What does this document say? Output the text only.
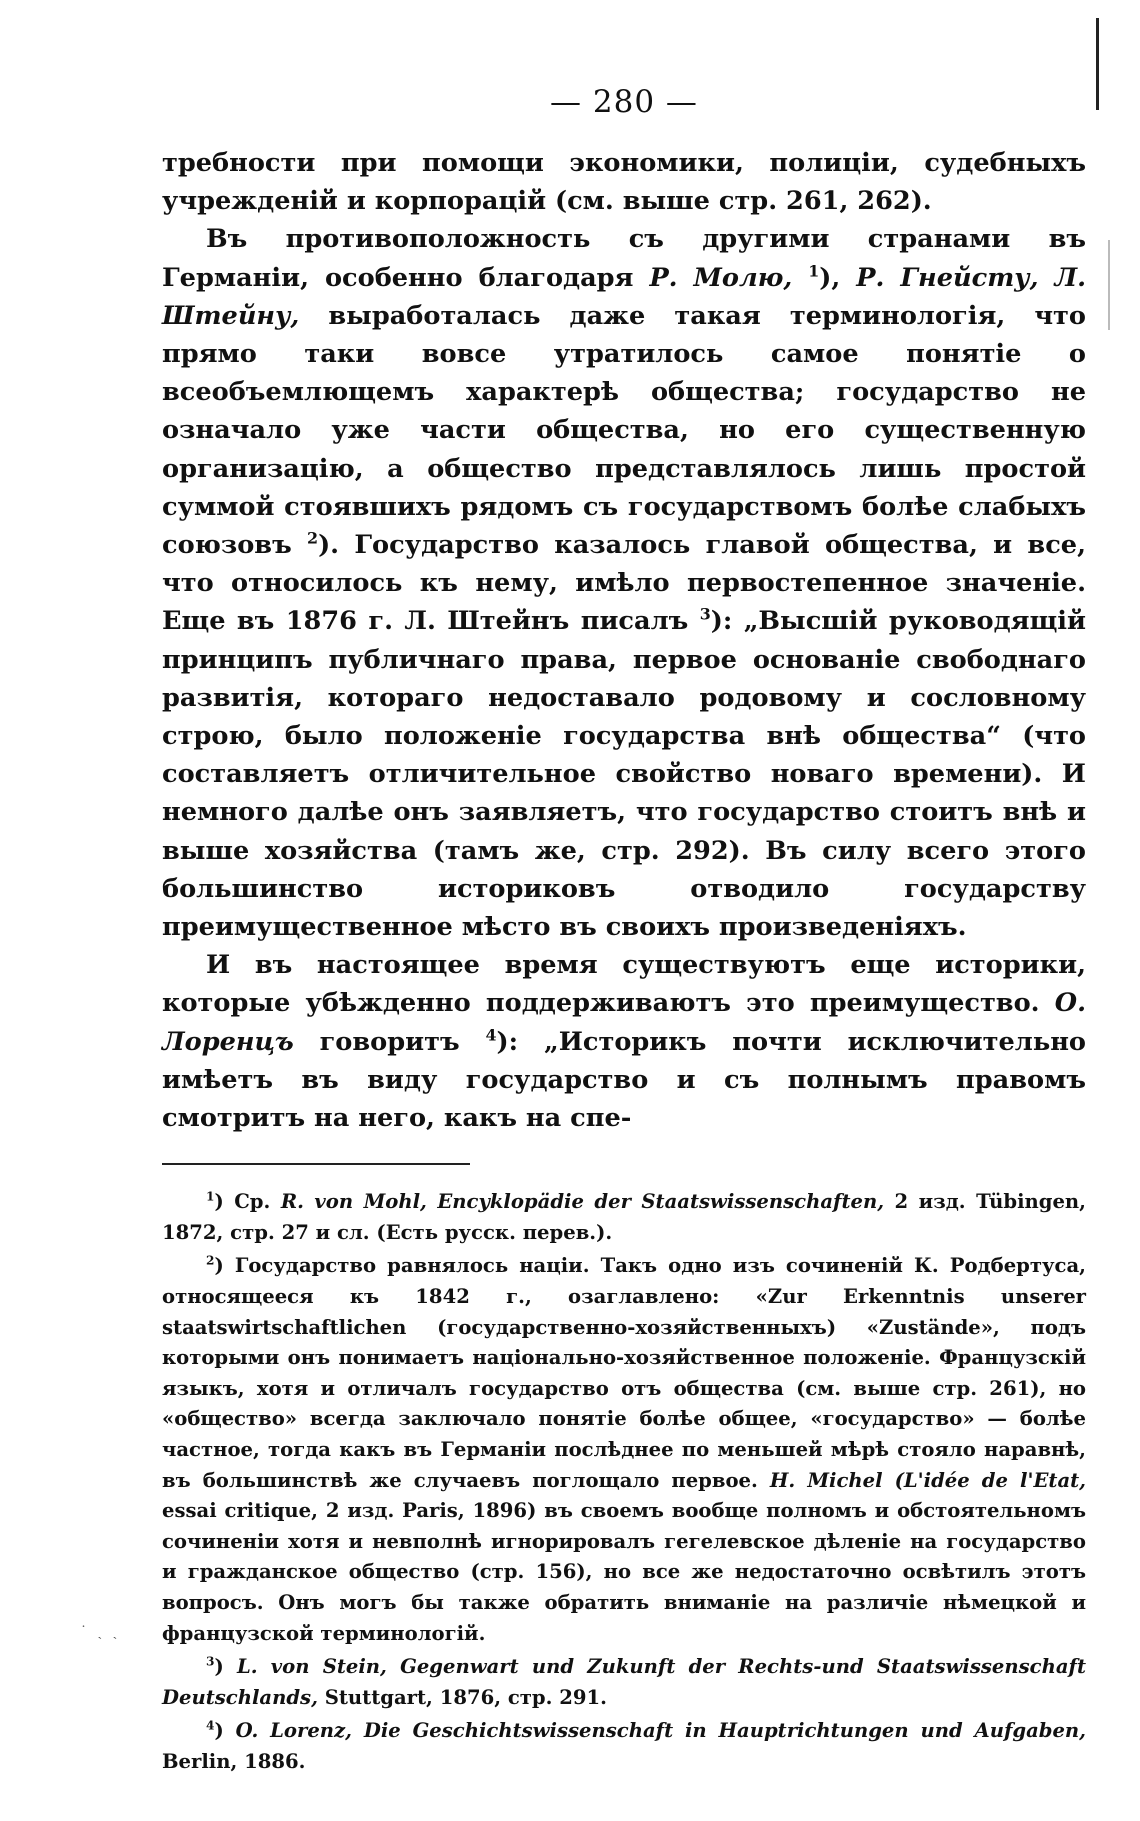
— 280 —

требности при помощи экономики, полиціи, судебныхъ учрежденій и корпорацій (см. выше стр. 261, 262).

Въ противоположность съ другими странами въ Германіи, особенно благодаря Р. Молю, $^1$), Р. Гнейсту, Л. Штейну, выработалась даже такая терминологія, что прямо таки вовсе утратилось самое понятіе о всеобъемлющемъ характерѣ общества; государство не означало уже части общества, но его существенную организацію, а общество представлялось лишь простой суммой стоявшихъ рядомъ съ государствомъ болѣе слабыхъ союзовъ $^2$). Государство казалось главой общества, и все, что относилось къ нему, имѣло первостепенное значеніе. Еще въ 1876 г. Л. Штейнъ писалъ $^3$): „Высшій руководящій принципъ публичнаго права, первое основаніе свободнаго развитія, котораго недоставало родовому и сословному строю, было положеніе государства внѣ общества“ (что составляетъ отличительное свойство новаго времени). И немного далѣе онъ заявляетъ, что государство стоитъ внѣ и выше хозяйства (тамъ же, стр. 292). Въ силу всего этого большинство историковъ отводило государству преимущественное мѣсто въ своихъ произведеніяхъ.

И въ настоящее время существуютъ еще историки, которые убѣжденно поддерживаютъ это преимущество. О. Лоренцъ говоритъ $^4$): „Историкъ почти исключительно имѣетъ въ виду государство и съ полнымъ правомъ смотритъ на него, какъ на спе-

$^1$) Ср. R. von Mohl, Encyklopädie der Staatswissenschaften, 2 изд. Tübingen, 1872, стр. 27 и сл. (Есть русск. перев.).

$^2$) Государство равнялось націи. Такъ одно изъ сочиненій К. Родбертуса, относящееся къ 1842 г., озаглавлено: «Zur Erkenntnis unserer staatswirtschaftlichen (государственно-хозяйственныхъ) «Zustände», подъ которыми онъ понимаетъ національно-хозяйственное положеніе. Французскій языкъ, хотя и отличалъ государство отъ общества (см. выше стр. 261), но «общество» всегда заключало понятіе болѣе общее, «государство» — болѣе частное, тогда какъ въ Германіи послѣднее по меньшей мѣрѣ стояло наравнѣ, въ большинствѣ же случаевъ поглощало первое. H. Michel (L'idée de l'Etat, essai critique, 2 изд. Paris, 1896) въ своемъ вообще полномъ и обстоятельномъ сочиненіи хотя и невполнѣ игнорировалъ гегелевское дѣленіе на государство и гражданское общество (стр. 156), но все же недостаточно освѣтилъ этотъ вопросъ. Онъ могъ бы также обратить вниманіе на различіе нѣмецкой и французской терминологій.

$^3$) L. von Stein, Gegenwart und Zukunft der Rechts-und Staatswissenschaft Deutschlands, Stuttgart, 1876, стр. 291.

$^4$) O. Lorenz, Die Geschichtswissenschaft in Hauptrichtungen und Aufgaben, Berlin, 1886.

˙ ˎ ˏ
